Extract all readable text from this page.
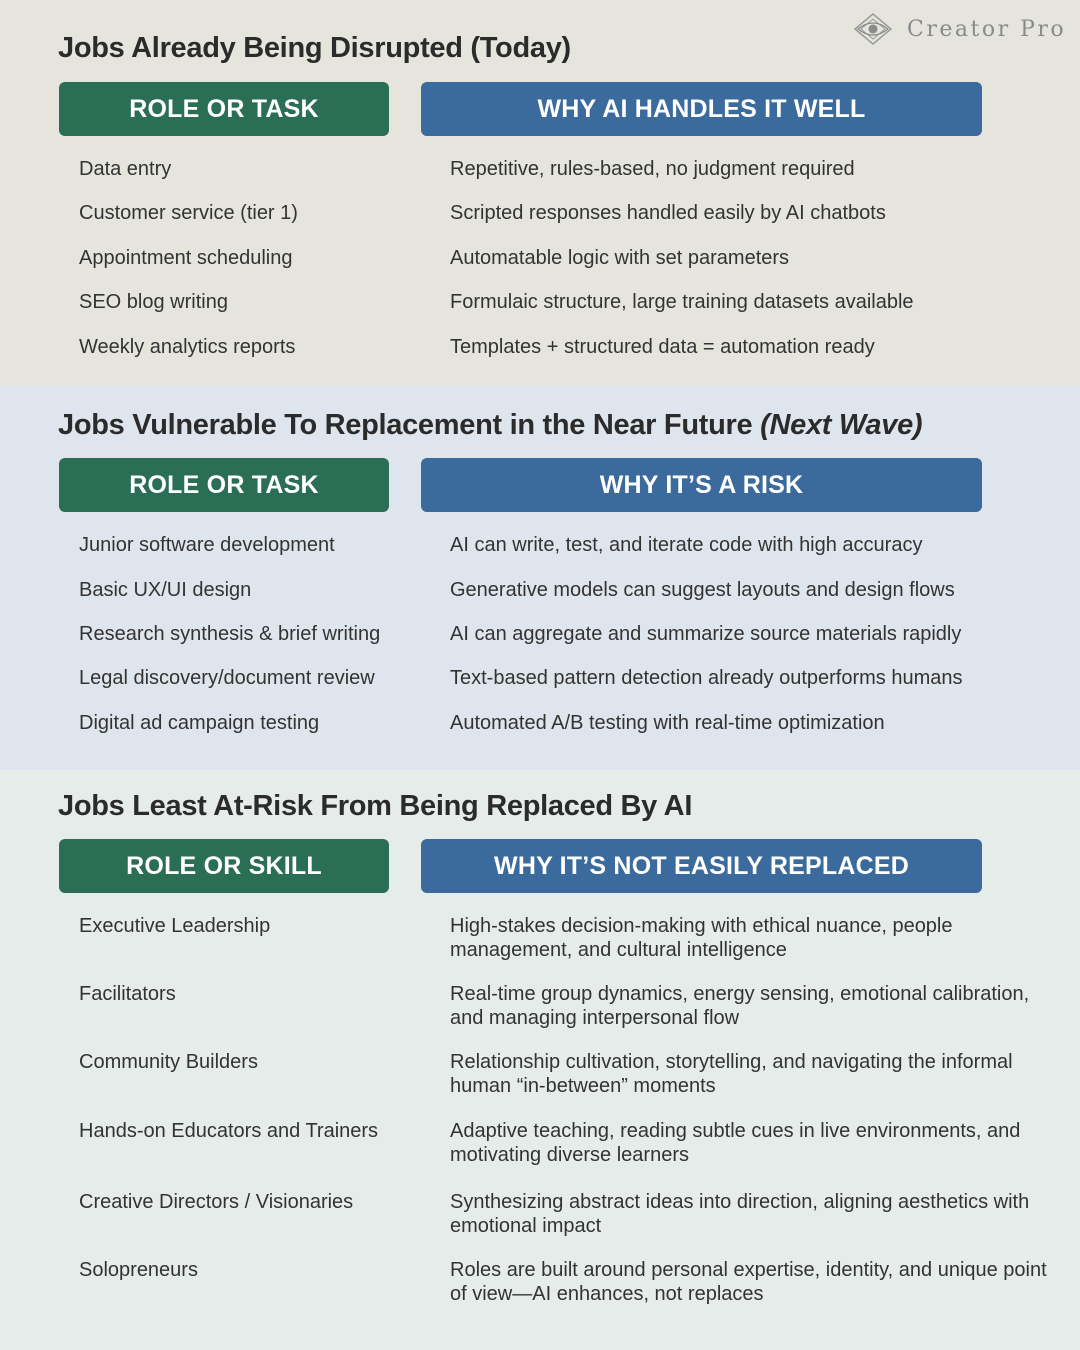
Jobs Already Being Disrupted (Today)
ROLE OR TASK	WHY AI HANDLES IT WELL
Data entry	Repetitive, rules-based, no judgment required
Customer service (tier 1)	Scripted responses handled easily by AI chatbots
Appointment scheduling	Automatable logic with set parameters
SEO blog writing	Formulaic structure, large training datasets available
Weekly analytics reports	Templates + structured data = automation ready
Jobs Vulnerable To Replacement in the Near Future (Next Wave)
ROLE OR TASK	WHY IT’S A RISK
Junior software development	AI can write, test, and iterate code with high accuracy
Basic UX/UI design	Generative models can suggest layouts and design flows
Research synthesis & brief writing	AI can aggregate and summarize source materials rapidly
Legal discovery/document review	Text-based pattern detection already outperforms humans
Digital ad campaign testing	Automated A/B testing with real-time optimization
Jobs Least At-Risk From Being Replaced By AI
ROLE OR SKILL	WHY IT’S NOT EASILY REPLACED
Executive Leadership	High-stakes decision-making with ethical nuance, people management, and cultural intelligence
Facilitators	Real-time group dynamics, energy sensing, emotional calibration, and managing interpersonal flow
Community Builders	Relationship cultivation, storytelling, and navigating the informal human “in-between” moments
Hands-on Educators and Trainers	Adaptive teaching, reading subtle cues in live environments, and motivating diverse learners
Creative Directors / Visionaries	Synthesizing abstract ideas into direction, aligning aesthetics with emotional impact
Solopreneurs	Roles are built around personal expertise, identity, and unique point of view—AI enhances, not replaces
Creator Pro
